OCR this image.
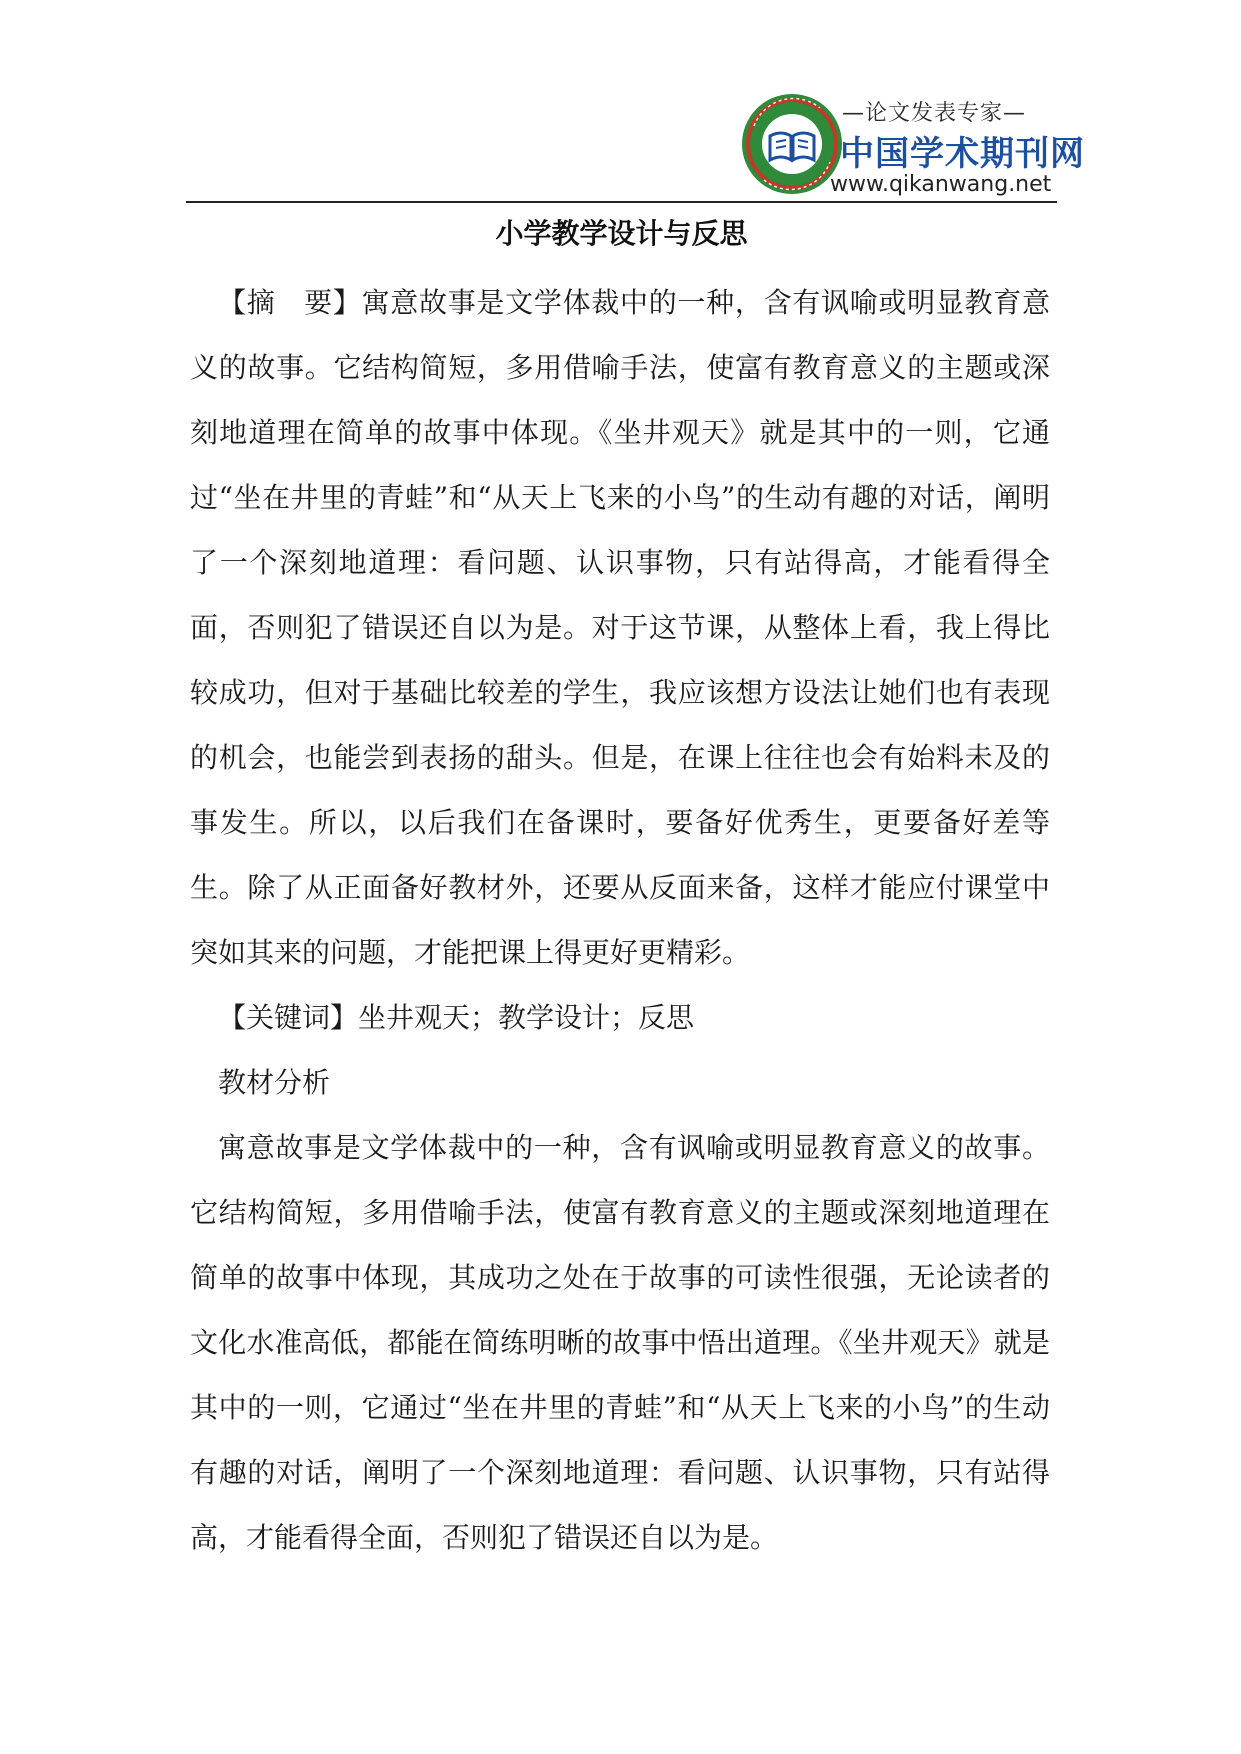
—论文发表专家—
中国学术期刊网
www.qikanwang.net
小学教学设计与反思

【摘　要】寓意故事是文学体裁中的一种，含有讽喻或明显教育意义的故事。它结构简短，多用借喻手法，使富有教育意义的主题或深刻地道理在简单的故事中体现。《坐井观天》就是其中的一则，它通过“坐在井里的青蛙”和“从天上飞来的小鸟”的生动有趣的对话，阐明了一个深刻地道理：看问题、认识事物，只有站得高，才能看得全面，否则犯了错误还自以为是。对于这节课，从整体上看，我上得比较成功，但对于基础比较差的学生，我应该想方设法让她们也有表现的机会，也能尝到表扬的甜头。但是，在课上往往也会有始料未及的事发生。所以，以后我们在备课时，要备好优秀生，更要备好差等生。除了从正面备好教材外，还要从反面来备，这样才能应付课堂中突如其来的问题，才能把课上得更好更精彩。

【关键词】坐井观天；教学设计；反思

教材分析

寓意故事是文学体裁中的一种，含有讽喻或明显教育意义的故事。它结构简短，多用借喻手法，使富有教育意义的主题或深刻地道理在简单的故事中体现，其成功之处在于故事的可读性很强，无论读者的文化水准高低，都能在简练明晰的故事中悟出道理。《坐井观天》就是其中的一则，它通过“坐在井里的青蛙”和“从天上飞来的小鸟”的生动有趣的对话，阐明了一个深刻地道理：看问题、认识事物，只有站得高，才能看得全面，否则犯了错误还自以为是。
